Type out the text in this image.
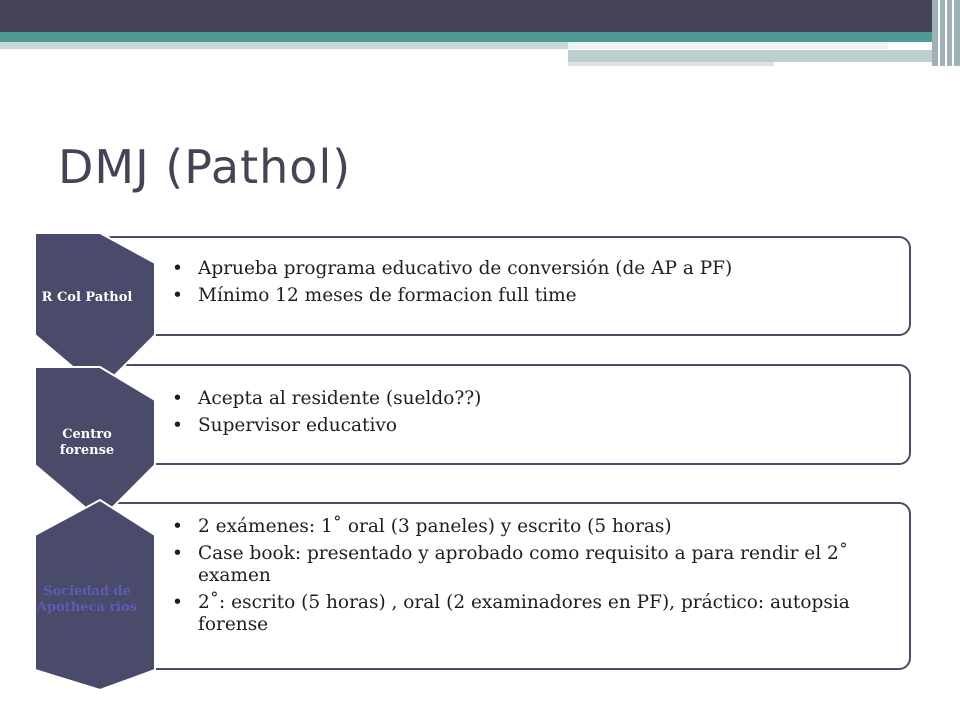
DMJ (Pathol)
• Aprueba programa educativo de conversión (de AP a PF)
• Mínimo 12 meses de formacion full time
• Acepta al residente (sueldo??)
• Supervisor educativo
• 2 exámenes: 1˚ oral (3 paneles) y escrito (5 horas)
• Case book: presentado y aprobado como requisito a para rendir el 2˚ examen
• 2˚: escrito (5 horas) , oral (2 examinadores en PF), práctico: autopsia forense
R Col Pathol
Centro forense
Sociedad de Apotheca rios
